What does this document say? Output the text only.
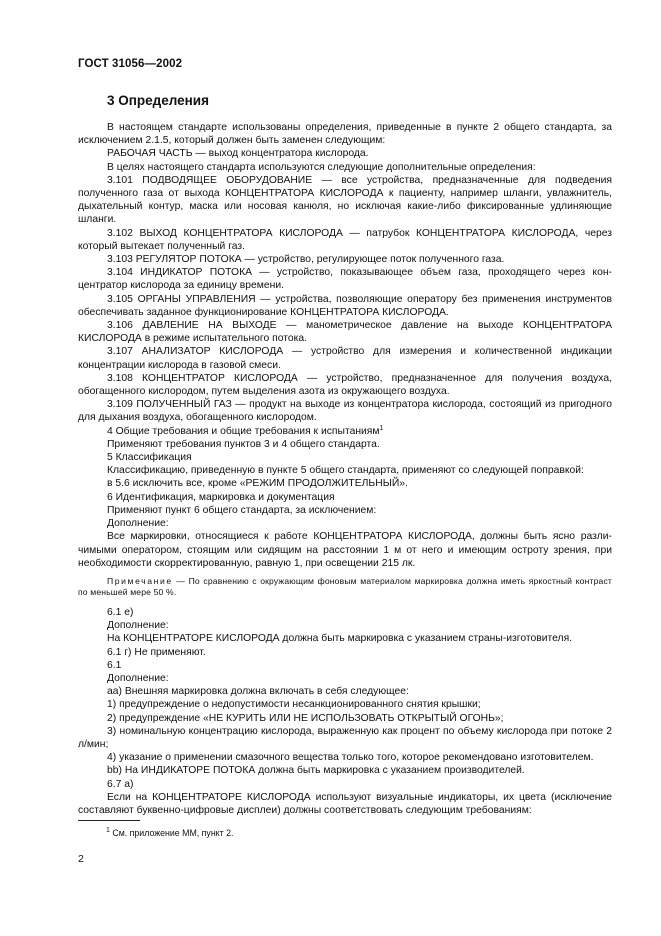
ГОСТ 31056—2002
3 Определения

В настоящем стандарте использованы определения, приведенные в пункте 2 общего стандарта, за исключением 2.1.5, который должен быть заменен следующим:

РАБОЧАЯ ЧАСТЬ — выход концентратора кислорода.

В целях настоящего стандарта используются следующие дополнительные определения:

3.101 ПОДВОДЯЩЕЕ ОБОРУДОВАНИЕ — все устройства, предназначенные для подведения полученного газа от выхода КОНЦЕНТРАТОРА КИСЛОРОДА к пациенту, например шланги, увлажнитель, дыхательный контур, маска или носовая канюля, но исключая какие-либо фиксированные удлиняющие шланги.

3.102 ВЫХОД КОНЦЕНТРАТОРА КИСЛОРОДА — патрубок КОНЦЕНТРАТОРА КИСЛОРОДА, через который вытекает полученный газ.

3.103 РЕГУЛЯТОР ПОТОКА — устройство, регулирующее поток полученного газа.

3.104 ИНДИКАТОР ПОТОКА — устройство, показывающее объем газа, проходящего через концентратор кислорода за единицу времени.

3.105 ОРГАНЫ УПРАВЛЕНИЯ — устройства, позволяющие оператору без применения инструментов обеспечивать заданное функционирование КОНЦЕНТРАТОРА КИСЛОРОДА.

3.106 ДАВЛЕНИЕ НА ВЫХОДЕ — манометрическое давление на выходе КОНЦЕНТРАТОРА КИСЛОРОДА в режиме испытательного потока.

3.107 АНАЛИЗАТОР КИСЛОРОДА — устройство для измерения и количественной индикации концентрации кислорода в газовой смеси.

3.108 КОНЦЕНТРАТОР КИСЛОРОДА — устройство, предназначенное для получения воздуха, обогащенного кислородом, путем выделения азота из окружающего воздуха.

3.109 ПОЛУЧЕННЫЙ ГАЗ — продукт на выходе из концентратора кислорода, состоящий из пригодного для дыхания воздуха, обогащенного кислородом.

4 Общие требования и общие требования к испытаниям$^1$

Применяют требования пунктов 3 и 4 общего стандарта.

5 Классификация

Классификацию, приведенную в пункте 5 общего стандарта, применяют со следующей поправкой:

в 5.6 исключить все, кроме «РЕЖИМ ПРОДОЛЖИТЕЛЬНЫЙ».

6 Идентификация, маркировка и документация

Применяют пункт 6 общего стандарта, за исключением:

Дополнение:

Все маркировки, относящиеся к работе КОНЦЕНТРАТОРА КИСЛОРОДА, должны быть ясно различимыми оператором, стоящим или сидящим на расстоянии 1 м от него и имеющим остроту зрения, при необходимости скорректированную, равную 1, при освещении 215 лк.

Примечание — По сравнению с окружающим фоновым материалом маркировка должна иметь яркостный контраст по меньшей мере 50 %.

6.1 е)

Дополнение:

На КОНЦЕНТРАТОРЕ КИСЛОРОДА должна быть маркировка с указанием страны-изготовителя.

6.1 г) Не применяют.

6.1

Дополнение:

аа) Внешняя маркировка должна включать в себя следующее:

1) предупреждение о недопустимости несанкционированного снятия крышки;

2) предупреждение «НЕ КУРИТЬ ИЛИ НЕ ИСПОЛЬЗОВАТЬ ОТКРЫТЫЙ ОГОНЬ»;

3) номинальную концентрацию кислорода, выраженную как процент по объему кислорода при потоке 2 л/мин;

4) указание о применении смазочного вещества только того, которое рекомендовано изготовителем.

bb) На ИНДИКАТОРЕ ПОТОКА должна быть маркировка с указанием производителей.

6.7 а)

Если на КОНЦЕНТРАТОРЕ КИСЛОРОДА используют визуальные индикаторы, их цвета (исключение составляют буквенно-цифровые дисплеи) должны соответствовать следующим требованиям:

$^1$ См. приложение ММ, пункт 2.
2
